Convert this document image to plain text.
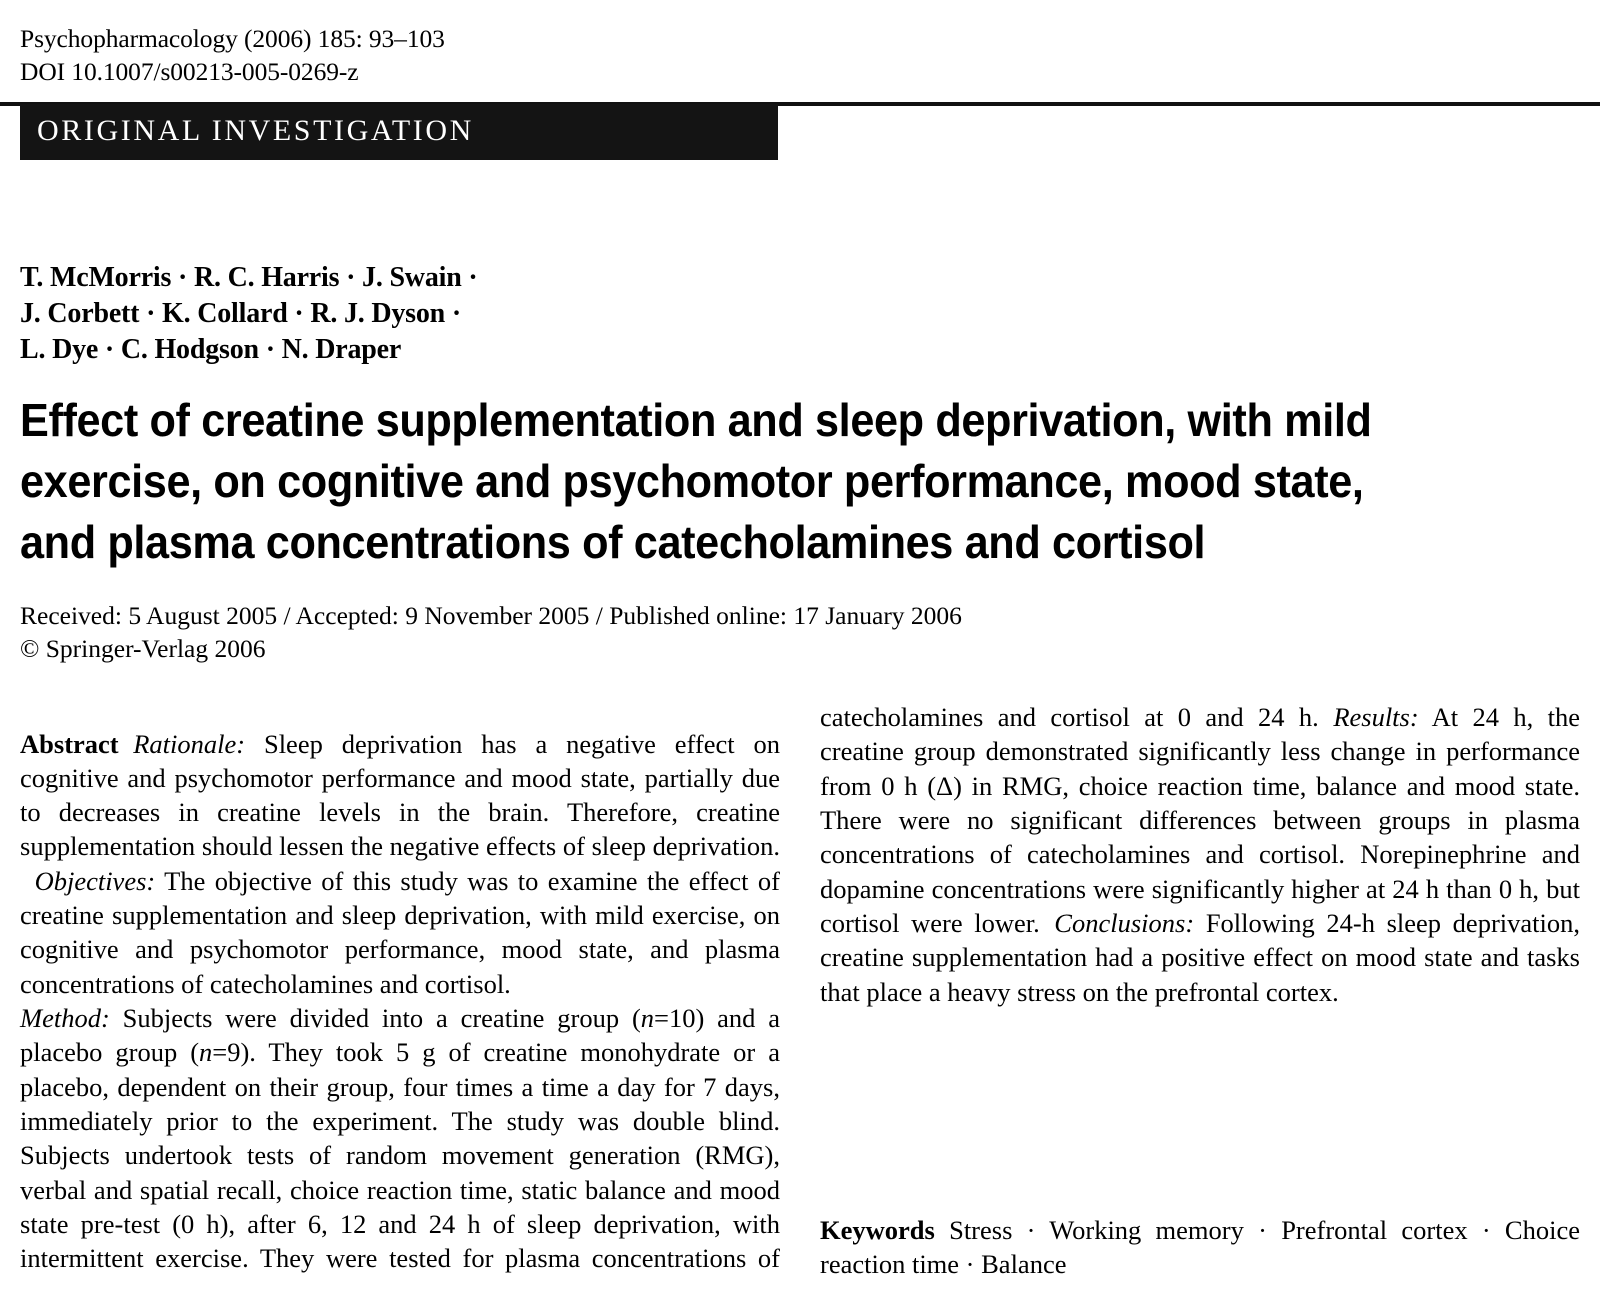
Psychopharmacology (2006) 185: 93–103
DOI 10.1007/s00213-005-0269-z
ORIGINAL INVESTIGATION
T. McMorris · R. C. Harris · J. Swain ·
J. Corbett · K. Collard · R. J. Dyson ·
L. Dye · C. Hodgson · N. Draper
Effect of creatine supplementation and sleep deprivation, with mild
exercise, on cognitive and psychomotor performance, mood state,
and plasma concentrations of catecholamines and cortisol
Received: 5 August 2005 / Accepted: 9 November 2005 / Published online: 17 January 2006
© Springer-Verlag 2006

Abstract Rationale: Sleep deprivation has a negative effect on cognitive and psychomotor performance and mood state, partially due to decreases in creatine levels in the brain. Therefore, creatine supplementation should lessen the negative effects of sleep deprivation.Objectives: The objective of this study was to examine the effect of creatine supplementation and sleep deprivation, with mild exercise, on cognitive and psychomotor performance, mood state, and plasma concentrations of catecholamines and cortisol.
Method: Subjects were divided into a creatine group (n=10) and a placebo group (n=9). They took 5 g of creatine monohydrate or a placebo, dependent on their group, four times a time a day for 7 days, immediately prior to the experiment. The study was double blind. Subjects undertook tests of random movement generation (RMG), verbal and spatial recall, choice reaction time, static balance and mood state pre-test (0 h), after 6, 12 and 24 h of sleep deprivation, with intermittent exercise. They were tested for plasma concentrations of catecholamines and cortisol at 0 and 24 h. Results: At 24 h, the creatine group demonstrated significantly less change in performance from 0 h (Δ) in RMG, choice reaction time, balance and mood state. There were no significant differences between groups in plasma concentrations of catecholamines and cortisol. Norepinephrine and dopamine concentrations were significantly higher at 24 h than 0 h, but cortisol were lower. Conclusions: Following 24-h sleep deprivation, creatine supplementation had a positive effect on mood state and tasks that place a heavy stress on the prefrontal cortex.

Keywords Stress · Working memory · Prefrontal cortex · Choice reaction time · Balance
